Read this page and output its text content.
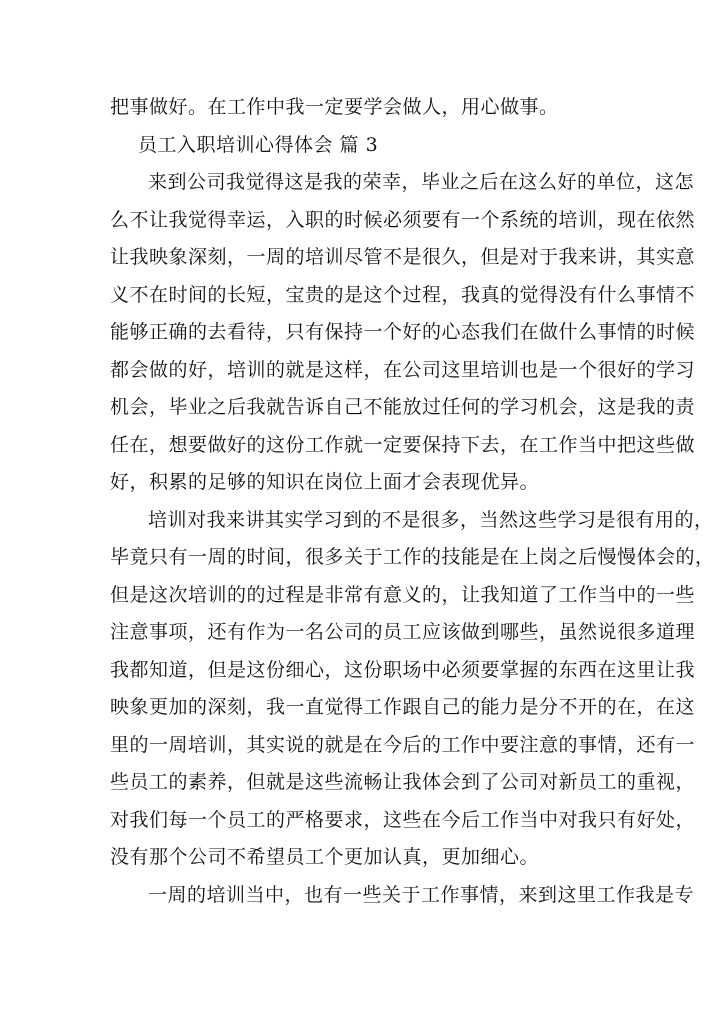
把事做好。在工作中我一定要学会做人，用心做事。
员工入职培训心得体会 篇 3
来到公司我觉得这是我的荣幸，毕业之后在这么好的单位，这怎
么不让我觉得幸运，入职的时候必须要有一个系统的培训，现在依然
让我映象深刻，一周的培训尽管不是很久，但是对于我来讲，其实意
义不在时间的长短，宝贵的是这个过程，我真的觉得没有什么事情不
能够正确的去看待，只有保持一个好的心态我们在做什么事情的时候
都会做的好，培训的就是这样，在公司这里培训也是一个很好的学习
机会，毕业之后我就告诉自己不能放过任何的学习机会，这是我的责
任在，想要做好的这份工作就一定要保持下去，在工作当中把这些做
好，积累的足够的知识在岗位上面才会表现优异。
培训对我来讲其实学习到的不是很多，当然这些学习是很有用的，
毕竟只有一周的时间，很多关于工作的技能是在上岗之后慢慢体会的，
但是这次培训的的过程是非常有意义的，让我知道了工作当中的一些
注意事项，还有作为一名公司的员工应该做到哪些，虽然说很多道理
我都知道，但是这份细心，这份职场中必须要掌握的东西在这里让我
映象更加的深刻，我一直觉得工作跟自己的能力是分不开的在，在这
里的一周培训，其实说的就是在今后的工作中要注意的事情，还有一
些员工的素养，但就是这些流畅让我体会到了公司对新员工的重视，
对我们每一个员工的严格要求，这些在今后工作当中对我只有好处，
没有那个公司不希望员工个更加认真，更加细心。
一周的培训当中，也有一些关于工作事情，来到这里工作我是专
